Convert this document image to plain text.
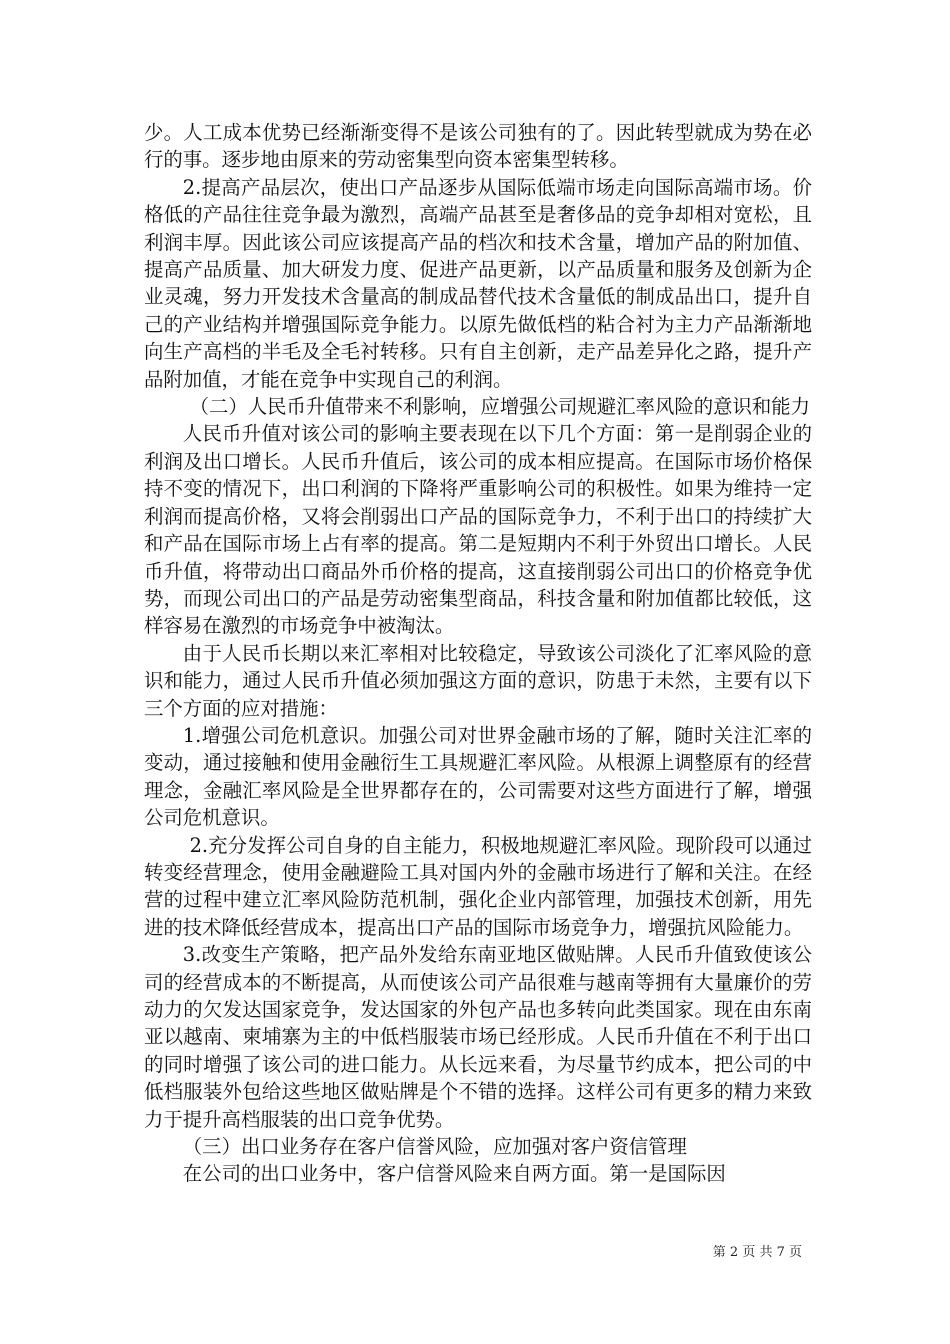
少。人工成本优势已经渐渐变得不是该公司独有的了。因此转型就成为势在必行的事。逐步地由原来的劳动密集型向资本密集型转移。

2.提高产品层次，使出口产品逐步从国际低端市场走向国际高端市场。价格低的产品往往竞争最为激烈，高端产品甚至是奢侈品的竞争却相对宽松，且利润丰厚。因此该公司应该提高产品的档次和技术含量，增加产品的附加值、提高产品质量、加大研发力度、促进产品更新，以产品质量和服务及创新为企业灵魂，努力开发技术含量高的制成品替代技术含量低的制成品出口，提升自己的产业结构并增强国际竞争能力。以原先做低档的粘合衬为主力产品渐渐地向生产高档的半毛及全毛衬转移。只有自主创新，走产品差异化之路，提升产品附加值，才能在竞争中实现自己的利润。

（二）人民币升值带来不利影响，应增强公司规避汇率风险的意识和能力

人民币升值对该公司的影响主要表现在以下几个方面：第一是削弱企业的利润及出口增长。人民币升值后，该公司的成本相应提高。在国际市场价格保持不变的情况下，出口利润的下降将严重影响公司的积极性。如果为维持一定利润而提高价格，又将会削弱出口产品的国际竞争力，不利于出口的持续扩大和产品在国际市场上占有率的提高。第二是短期内不利于外贸出口增长。人民币升值，将带动出口商品外币价格的提高，这直接削弱公司出口的价格竞争优势，而现公司出口的产品是劳动密集型商品，科技含量和附加值都比较低，这样容易在激烈的市场竞争中被淘汰。

由于人民币长期以来汇率相对比较稳定，导致该公司淡化了汇率风险的意识和能力，通过人民币升值必须加强这方面的意识，防患于未然，主要有以下三个方面的应对措施：

1.增强公司危机意识。加强公司对世界金融市场的了解，随时关注汇率的变动，通过接触和使用金融衍生工具规避汇率风险。从根源上调整原有的经营理念，金融汇率风险是全世界都存在的，公司需要对这些方面进行了解，增强公司危机意识。

2.充分发挥公司自身的自主能力，积极地规避汇率风险。现阶段可以通过转变经营理念，使用金融避险工具对国内外的金融市场进行了解和关注。在经营的过程中建立汇率风险防范机制，强化企业内部管理，加强技术创新，用先进的技术降低经营成本，提高出口产品的国际市场竞争力，增强抗风险能力。

3.改变生产策略，把产品外发给东南亚地区做贴牌。人民币升值致使该公司的经营成本的不断提高，从而使该公司产品很难与越南等拥有大量廉价的劳动力的欠发达国家竞争，发达国家的外包产品也多转向此类国家。现在由东南亚以越南、柬埔寨为主的中低档服装市场已经形成。人民币升值在不利于出口的同时增强了该公司的进口能力。从长远来看，为尽量节约成本，把公司的中低档服装外包给这些地区做贴牌是个不错的选择。这样公司有更多的精力来致力于提升高档服装的出口竞争优势。

（三）出口业务存在客户信誉风险，应加强对客户资信管理

在公司的出口业务中，客户信誉风险来自两方面。第一是国际因

第 2 页 共 7 页
